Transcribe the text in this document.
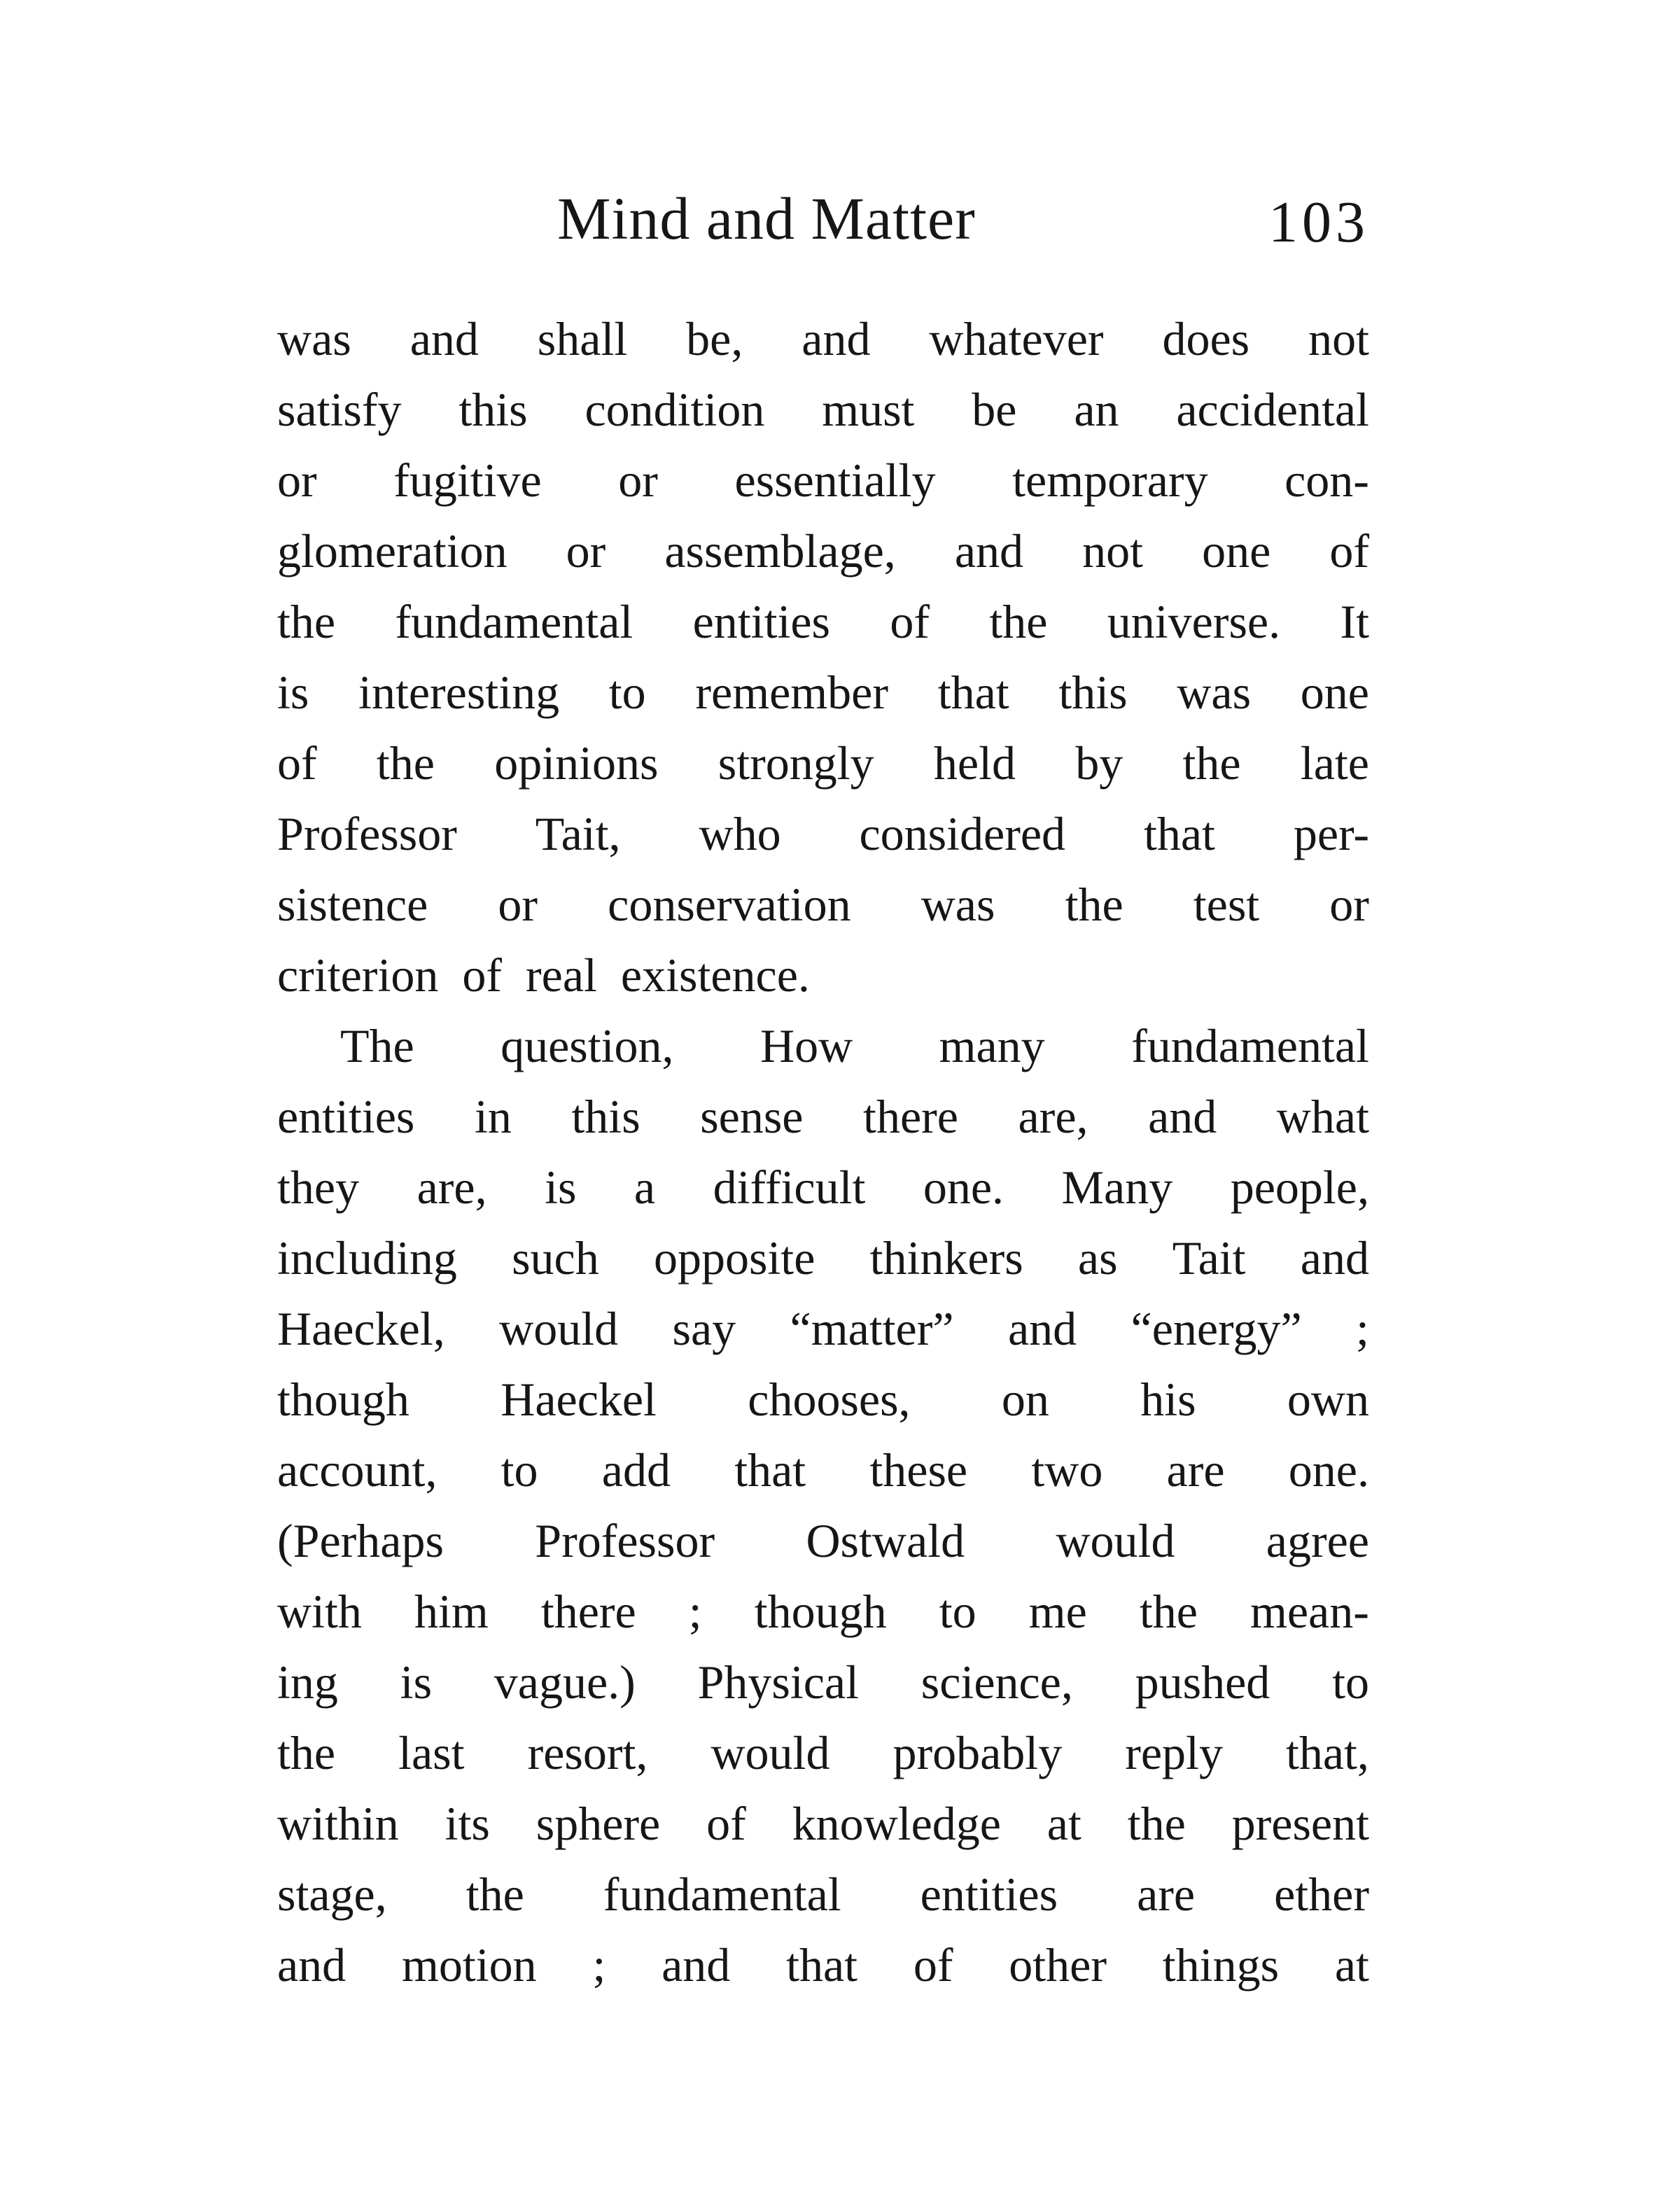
Mind and Matter	103
was and shall be, and whatever does not
satisfy this condition must be an accidental
or fugitive or essentially temporary con-
glomeration or assemblage, and not one of
the fundamental entities of the universe. It
is interesting to remember that this was one
of the opinions strongly held by the late
Professor Tait, who considered that per-
sistence or conservation was the test or
criterion of real existence.
The question, How many fundamental
entities in this sense there are, and what
they are, is a difficult one. Many people,
including such opposite thinkers as Tait and
Haeckel, would say “matter” and “energy” ;
though Haeckel chooses, on his own
account, to add that these two are one.
(Perhaps Professor Ostwald would agree
with him there ; though to me the mean-
ing is vague.) Physical science, pushed to
the last resort, would probably reply that,
within its sphere of knowledge at the present
stage, the fundamental entities are ether
and motion ; and that of other things at
